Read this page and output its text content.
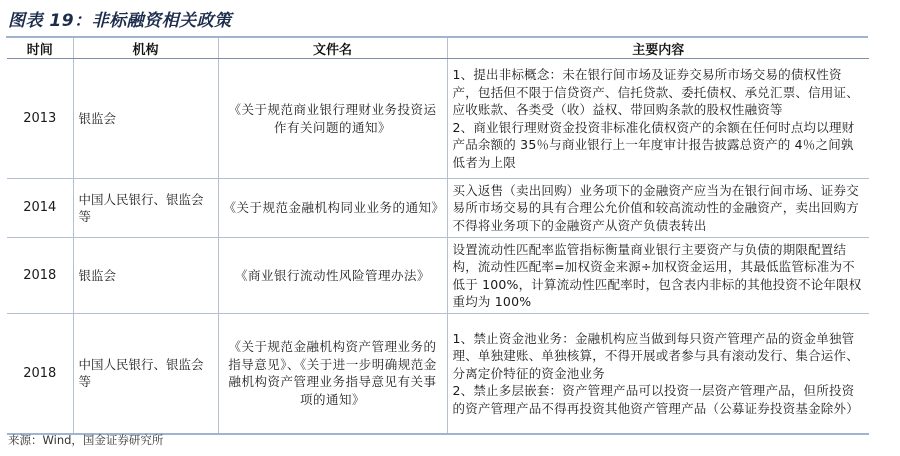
图表 19：非标融资相关政策
时间	机构	文件名	主要内容
2013	银监会	《关于规范商业银行理财业务投资运作有关问题的通知》	1、提出非标概念：未在银行间市场及证券交易所市场交易的债权性资产，包括但不限于信贷资产、信托贷款、委托债权、承兑汇票、信用证、应收账款、各类受（收）益权、带回购条款的股权性融资等
2、商业银行理财资金投资非标准化债权资产的余额在任何时点均以理财产品余额的 35％与商业银行上一年度审计报告披露总资产的 4％之间孰低者为上限
2014	中国人民银行、银监会等	《关于规范金融机构同业业务的通知》	买入返售（卖出回购）业务项下的金融资产应当为在银行间市场、证券交易所市场交易的具有合理公允价值和较高流动性的金融资产，卖出回购方不得将业务项下的金融资产从资产负债表转出
2018	银监会	《商业银行流动性风险管理办法》	设置流动性匹配率监管指标衡量商业银行主要资产与负债的期限配置结构，流动性匹配率=加权资金来源÷加权资金运用，其最低监管标准为不低于 100%，计算流动性匹配率时，包含表内非标的其他投资不论年限权重均为 100%
2018	中国人民银行、银监会等	《关于规范金融机构资产管理业务的指导意见》、《关于进一步明确规范金融机构资产管理业务指导意见有关事项的通知》	1、禁止资金池业务：金融机构应当做到每只资产管理产品的资金单独管理、单独建账、单独核算，不得开展或者参与具有滚动发行、集合运作、分离定价特征的资金池业务
2、禁止多层嵌套：资产管理产品可以投资一层资产管理产品，但所投资的资产管理产品不得再投资其他资产管理产品（公募证券投资基金除外）
来源：Wind，国金证券研究所
